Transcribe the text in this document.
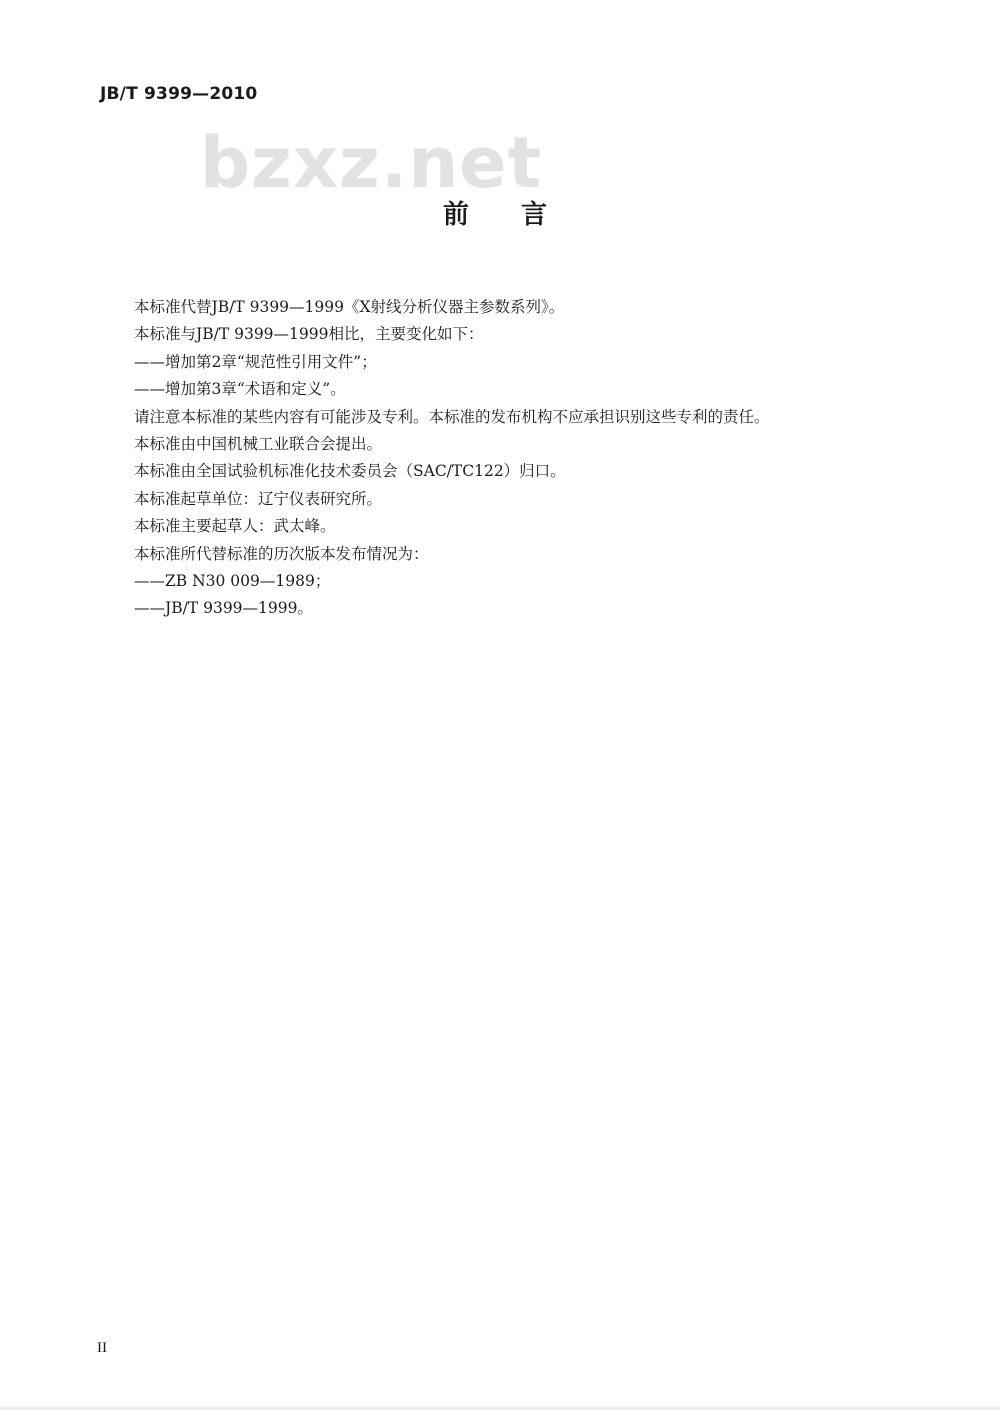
JB/T 9399—2010
bzxz.net
前言

本标准代替JB/T 9399—1999《X射线分析仪器主参数系列》。

本标准与JB/T 9399—1999相比，主要变化如下：

——增加第2章“规范性引用文件”；

——增加第3章“术语和定义”。

请注意本标准的某些内容有可能涉及专利。本标准的发布机构不应承担识别这些专利的责任。

本标准由中国机械工业联合会提出。

本标准由全国试验机标准化技术委员会（SAC/TC122）归口。

本标准起草单位：辽宁仪表研究所。

本标准主要起草人：武太峰。

本标准所代替标准的历次版本发布情况为：

——ZB N30 009—1989；

——JB/T 9399—1999。

II
